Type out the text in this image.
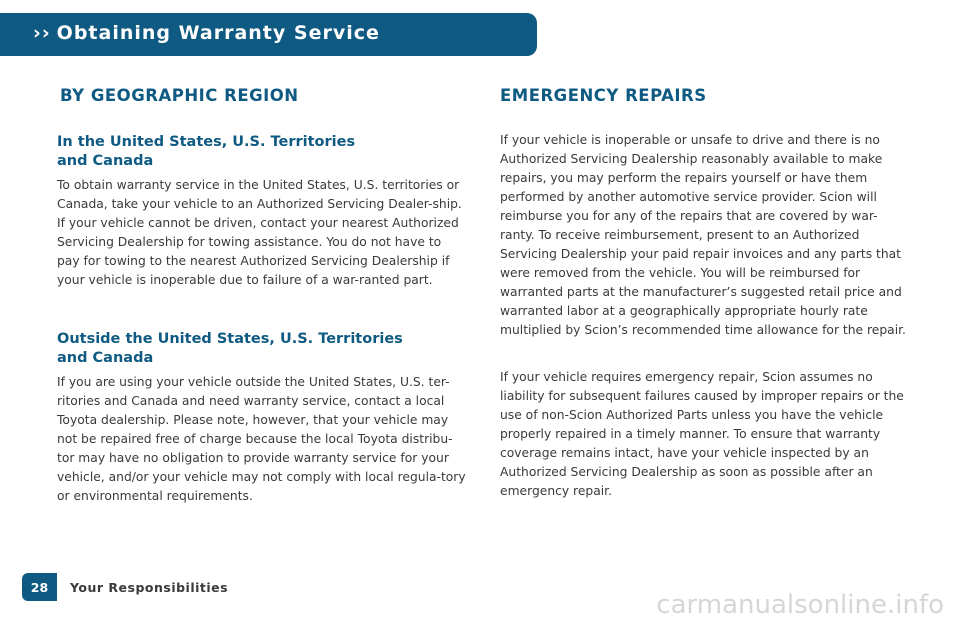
›› Obtaining Warranty Service
BY GEOGRAPHIC REGION
In the United States, U.S. Territories
and Canada

To obtain warranty service in the United States, U.S. territories or Canada, take your vehicle to an Authorized Servicing Dealer-ship. If your vehicle cannot be driven, contact your nearest Authorized Servicing Dealership for towing assistance. You do not have to pay for towing to the nearest Authorized Servicing Dealership if your vehicle is inoperable due to failure of a war-ranted part.

Outside the United States, U.S. Territories
and Canada

If you are using your vehicle outside the United States, U.S. ter-ritories and Canada and need warranty service, contact a local Toyota dealership. Please note, however, that your vehicle may not be repaired free of charge because the local Toyota distribu-tor may have no obligation to provide warranty service for your vehicle, and/or your vehicle may not comply with local regula-tory or environmental requirements.

EMERGENCY REPAIRS

If your vehicle is inoperable or unsafe to drive and there is no Authorized Servicing Dealership reasonably available to make repairs, you may perform the repairs yourself or have them performed by another automotive service provider. Scion will reimburse you for any of the repairs that are covered by war-ranty. To receive reimbursement, present to an Authorized Servicing Dealership your paid repair invoices and any parts that were removed from the vehicle. You will be reimbursed for warranted parts at the manufacturer’s suggested retail price and warranted labor at a geographically appropriate hourly rate multiplied by Scion’s recommended time allowance for the repair.

If your vehicle requires emergency repair, Scion assumes no liability for subsequent failures caused by improper repairs or the use of non-Scion Authorized Parts unless you have the vehicle properly repaired in a timely manner. To ensure that warranty coverage remains intact, have your vehicle inspected by an Authorized Servicing Dealership as soon as possible after an emergency repair.

28	Your Responsibilities
carmanualsonline.info
